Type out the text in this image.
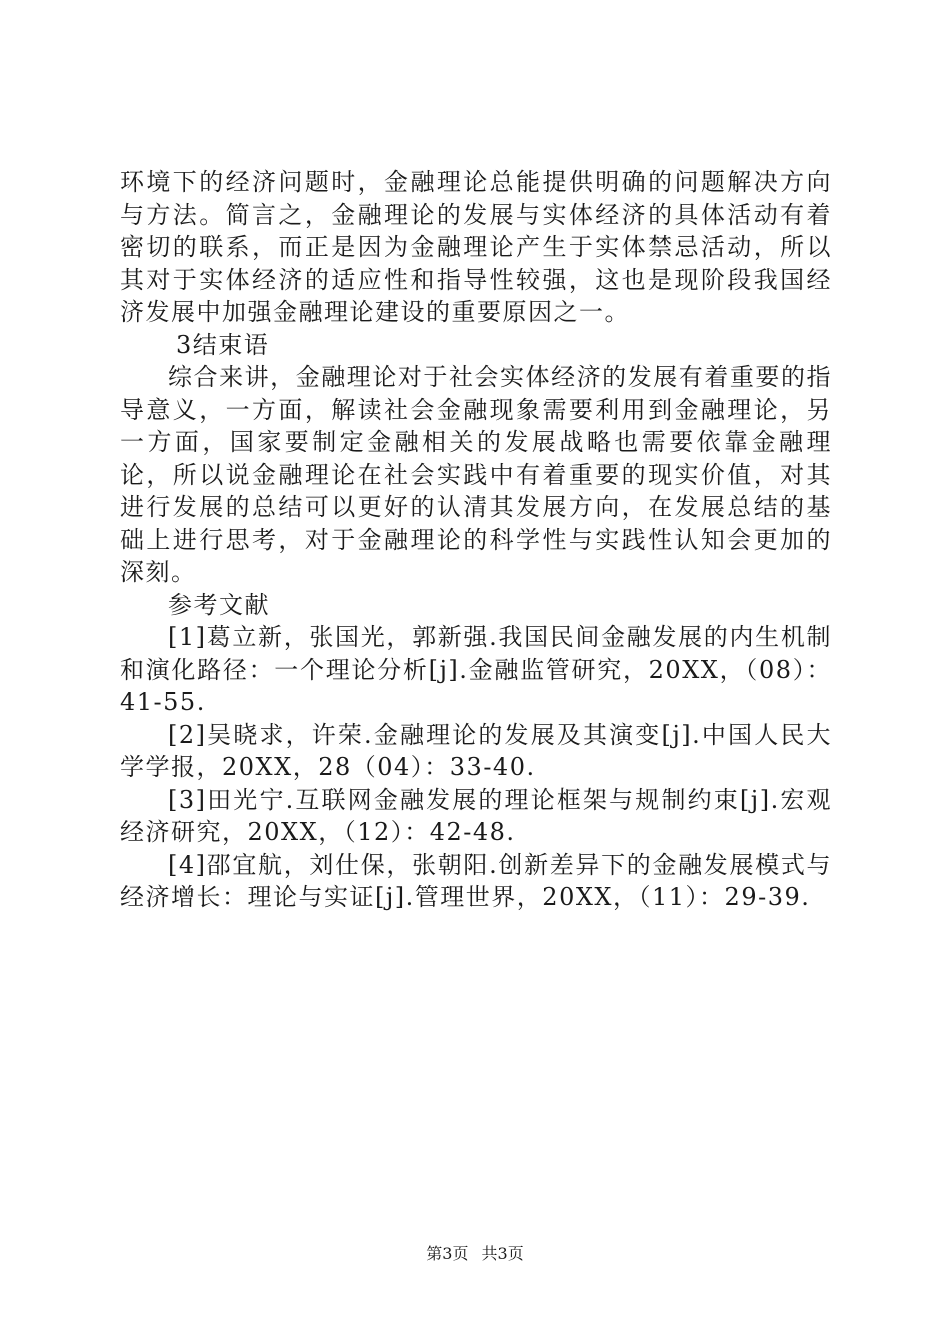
环境下的经济问题时，金融理论总能提供明确的问题解决方向与方法。简言之，金融理论的发展与实体经济的具体活动有着密切的联系，而正是因为金融理论产生于实体禁忌活动，所以其对于实体经济的适应性和指导性较强，这也是现阶段我国经济发展中加强金融理论建设的重要原因之一。

3结束语

综合来讲，金融理论对于社会实体经济的发展有着重要的指导意义，一方面，解读社会金融现象需要利用到金融理论，另一方面，国家要制定金融相关的发展战略也需要依靠金融理论，所以说金融理论在社会实践中有着重要的现实价值，对其进行发展的总结可以更好的认清其发展方向，在发展总结的基础上进行思考，对于金融理论的科学性与实践性认知会更加的深刻。

参考文献

[1]葛立新，张国光，郭新强.我国民间金融发展的内生机制和演化路径：一个理论分析[j].金融监管研究，20XX，（08）：41-55.

[2]吴晓求，许荣.金融理论的发展及其演变[j].中国人民大学学报，20XX，28（04）：33-40.

[3]田光宁.互联网金融发展的理论框架与规制约束[j].宏观经济研究，20XX，（12）：42-48.

[4]邵宜航，刘仕保，张朝阳.创新差异下的金融发展模式与经济增长：理论与实证[j].管理世界，20XX，（11）：29-39.

第3页 共3页
